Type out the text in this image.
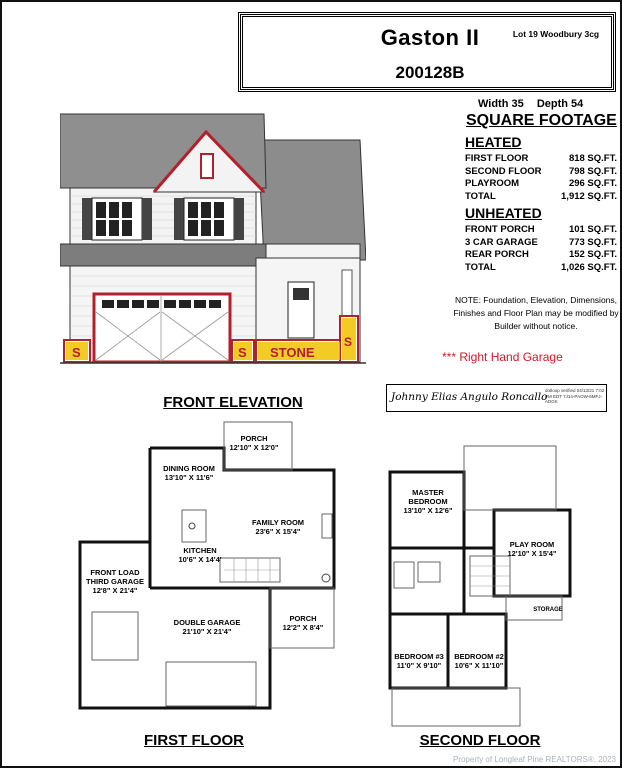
Gaston II	Lot 19 Woodbury 3cg
200128B
Width 35 Depth 54
SQUARE FOOTAGE
HEATED
FIRST FLOOR	818 SQ.FT.
SECOND FLOOR	798 SQ.FT.
PLAYROOM	296 SQ.FT.
TOTAL	1,912 SQ.FT.
UNHEATED
FRONT PORCH	101 SQ.FT.
3 CAR GARAGE	773 SQ.FT.
REAR PORCH	152 SQ.FT.
TOTAL	1,026 SQ.FT.
NOTE: Foundation, Elevation, Dimensions, Finishes and Floor Plan may be modified by Builder without notice.
*** Right Hand Garage
Johnny Elias Angulo Roncallo
dotloop verified 04/13/21 7:02 PM EDT 7J14-PAOW-6MFJ-ADGK
S	S STONE
S
FRONT ELEVATION
PORCH
12'10" X 12'0"
DINING ROOM
13'10" X 11'6"
FAMILY ROOM
23'6" X 15'4"
KITCHEN
10'6" X 14'4'
FRONT LOAD THIRD GARAGE
12'8" X 21'4"
DOUBLE GARAGE
21'10" X 21'4"
PORCH
12'2" X 8'4"
MASTER BEDROOM
13'10" X 12'6"
PLAY ROOM
12'10" X 15'4"
STORAGE
BEDROOM #3
11'0" X 9'10"
BEDROOM #2
10'6" X 11'10"
FIRST FLOOR	SECOND FLOOR
Property of Longleaf Pine REALTORS®, 2023
